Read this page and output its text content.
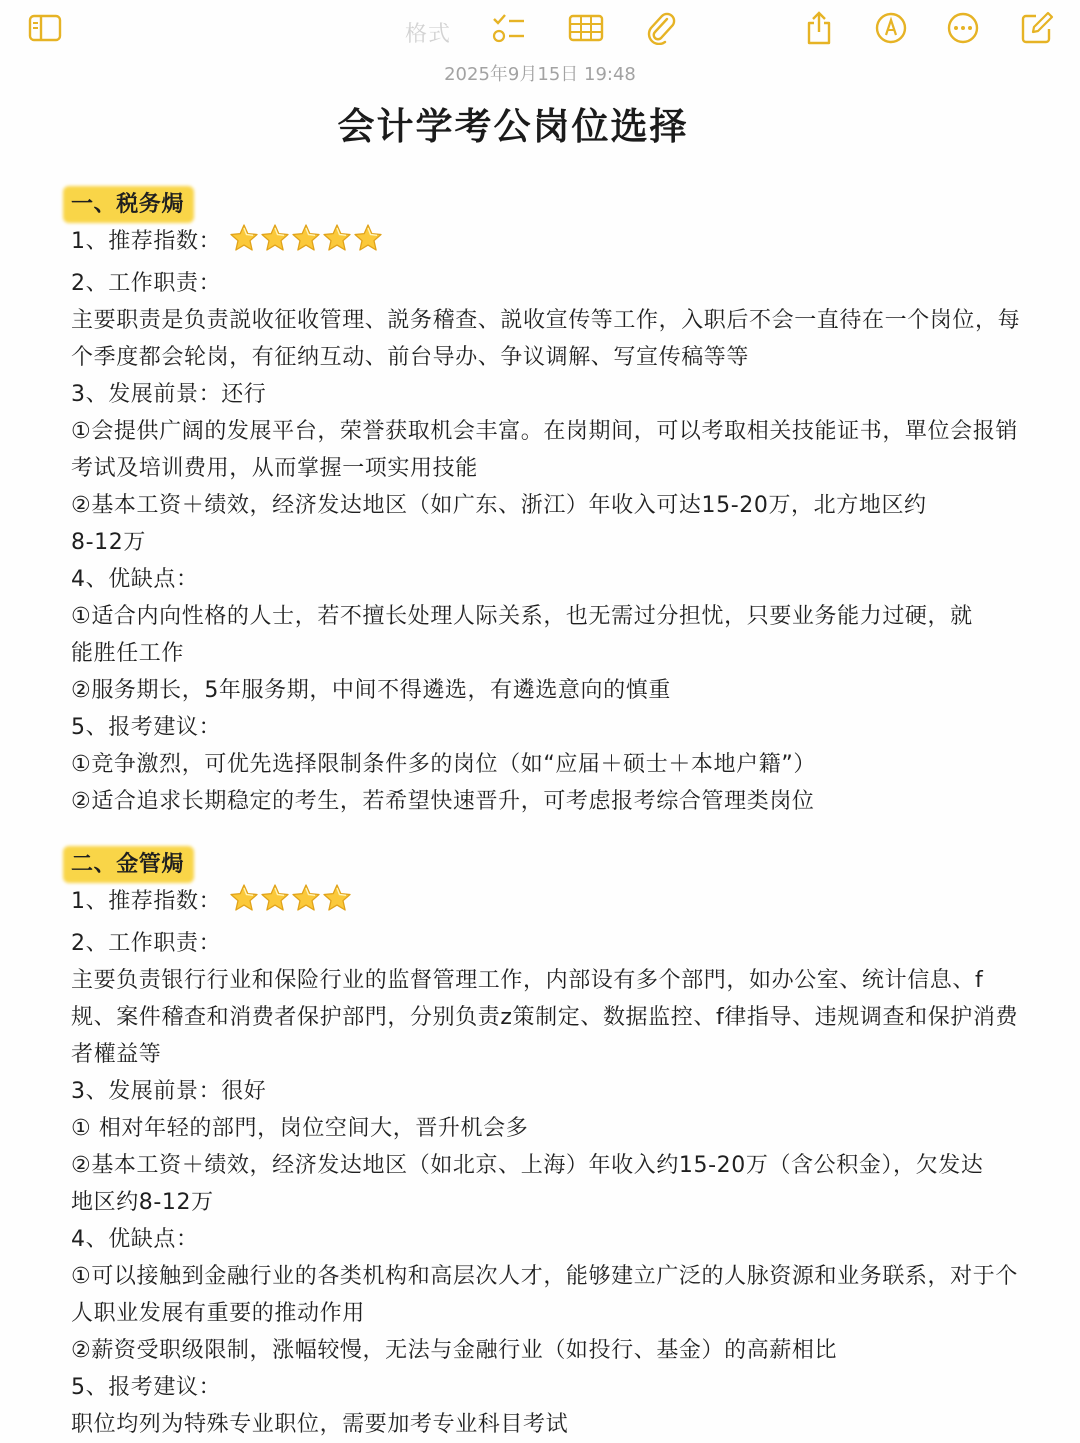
格式
2025年9月15日 19:48
会计学考公岗位选择
一、税务焗
1、推荐指数：
2、工作职责：
主要职责是负责説收征收管理、説务稽查、説收宣传等工作，入职后不会一直待在一个岗位，每个季度都会轮岗，有征纳互动、前台导办、争议调解、写宣传稿等等
3、发展前景：还行
①会提供广阔的发展平台，荣誉获取机会丰富。在岗期间，可以考取相关技能证书，單位会报销考试及培训费用，从而掌握一项实用技能
②基本工资＋绩效，经济发达地区（如广东、浙江）年收入可达15-20万，北方地区约8-12万
4、优缺点：
①适合内向性格的人士，若不擅长处理人际关系，也无需过分担忧，只要业务能力过硬，就能胜任工作
②服务期长，5年服务期，中间不得遴选，有遴选意向的慎重
5、报考建议：
①竞争激烈，可优先选择限制条件多的岗位（如“应届＋硕士＋本地户籍”）
②适合追求长期稳定的考生，若希望快速晋升，可考虑报考综合管理类岗位
二、金管焗
1、推荐指数：
2、工作职责：
主要负责银行行业和保险行业的监督管理工作，内部设有多个部門，如办公室、统计信息、f规、案件稽查和消费者保护部門，分别负责z策制定、数据监控、f律指导、违规调查和保护消费者權益等
3、发展前景：很好
① 相对年轻的部門，岗位空间大，晋升机会多
②基本工资＋绩效，经济发达地区（如北京、上海）年收入约15-20万（含公积金），欠发达地区约8-12万
4、优缺点：
①可以接触到金融行业的各类机构和高层次人才，能够建立广泛的人脉资源和业务联系，对于个人职业发展有重要的推动作用
②薪资受职级限制，涨幅较慢，无法与金融行业（如投行、基金）的高薪相比
5、报考建议：
职位均列为特殊专业职位，需要加考专业科目考试
